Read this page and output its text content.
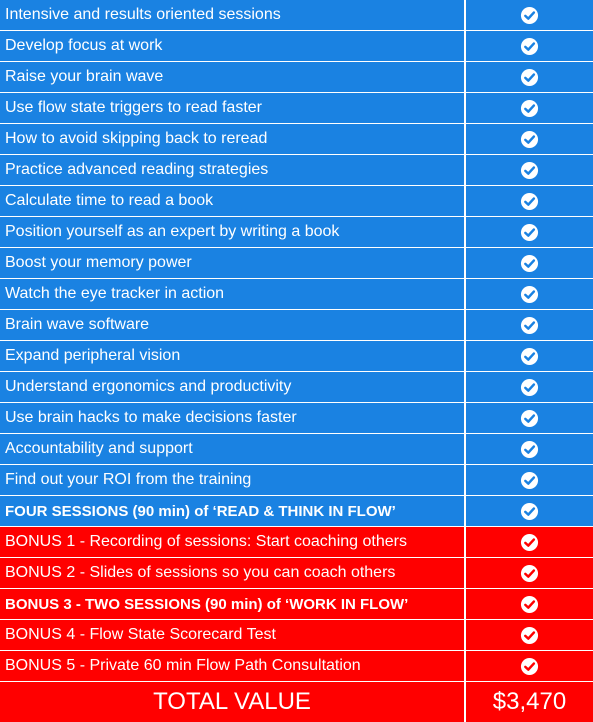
Intensive and results oriented sessions
Develop focus at work
Raise your brain wave
Use flow state triggers to read faster
How to avoid skipping back to reread
Practice advanced reading strategies
Calculate time to read a book
Position yourself as an expert by writing a book
Boost your memory power
Watch the eye tracker in action
Brain wave software
Expand peripheral vision
Understand ergonomics and productivity
Use brain hacks to make decisions faster
Accountability and support
Find out your ROI from the training
FOUR SESSIONS (90 min) of ‘READ & THINK IN FLOW’
BONUS 1 - Recording of sessions: Start coaching others
BONUS 2 - Slides of sessions so you can coach others
BONUS 3 - TWO SESSIONS (90 min) of ‘WORK IN FLOW’
BONUS 4 - Flow State Scorecard Test
BONUS 5 - Private 60 min Flow Path Consultation
TOTAL VALUE	$3,470
